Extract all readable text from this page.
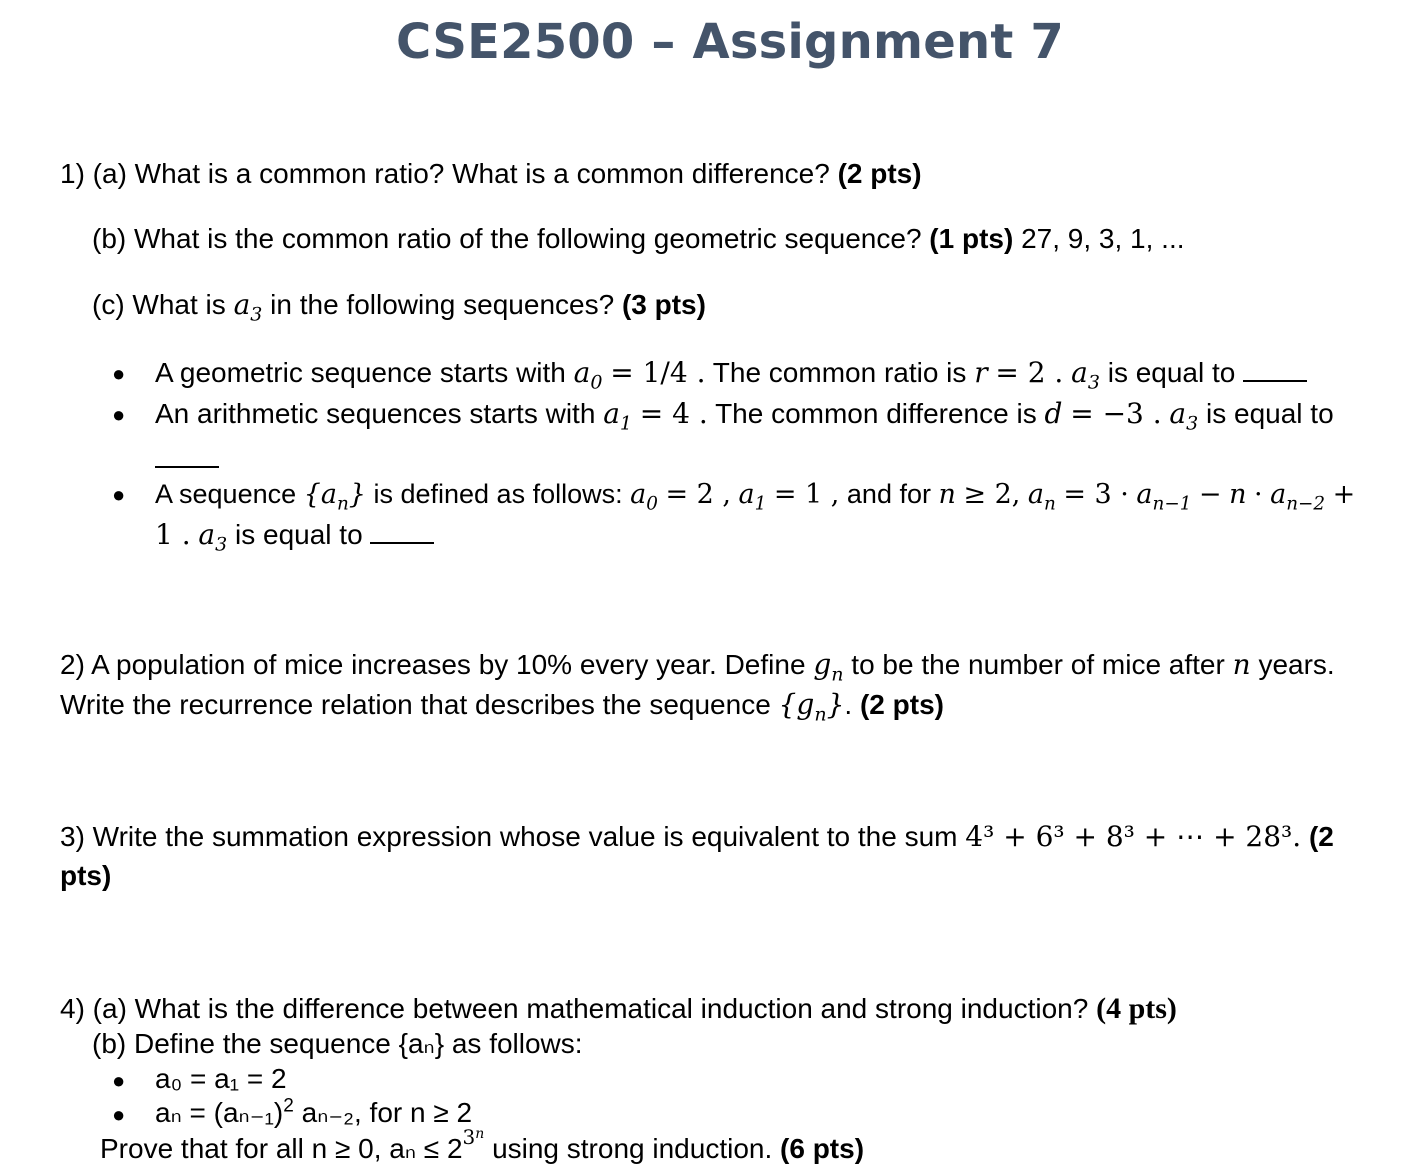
CSE2500 – Assignment 7
1) (a) What is a common ratio? What is a common difference? (2 pts)
(b) What is the common ratio of the following geometric sequence? (1 pts) 27, 9, 3, 1, ...
(c) What is $a_3$ in the following sequences? (3 pts)
● A geometric sequence starts with $a_0 = 1/4$ . The common ratio is r = 2 . $a_3$ is equal to
● An arithmetic sequences starts with $a_1 = 4$ . The common difference is d = −3 . $a_3$ is equal to
● A sequence $\{a_n\}$ is defined as follows: $a_0 = 2$ , $a_1 = 1$ , and for n ≥ 2, $a_n = 3 \cdot a_{n-1} - n \cdot a_{n-2}$ +
1 . $a_3$ is equal to
2) A population of mice increases by 10% every year. Define $g_n$ to be the number of mice after n years.
Write the recurrence relation that describes the sequence $\{g_n\}$. (2 pts)
3) Write the summation expression whose value is equivalent to the sum 4³ + 6³ + 8³ + ⋯ + 28³. (2
pts)
4) (a) What is the difference between mathematical induction and strong induction? (4 pts)
(b) Define the sequence {aₙ} as follows:
● a₀ = a₁ = 2
● $a_n = (a_{n-1})^2$ aₙ₋₂, for n ≥ 2
Prove that for all n ≥ 0, $a_n \le 2^{3^n}$ using strong induction. (6 pts)
